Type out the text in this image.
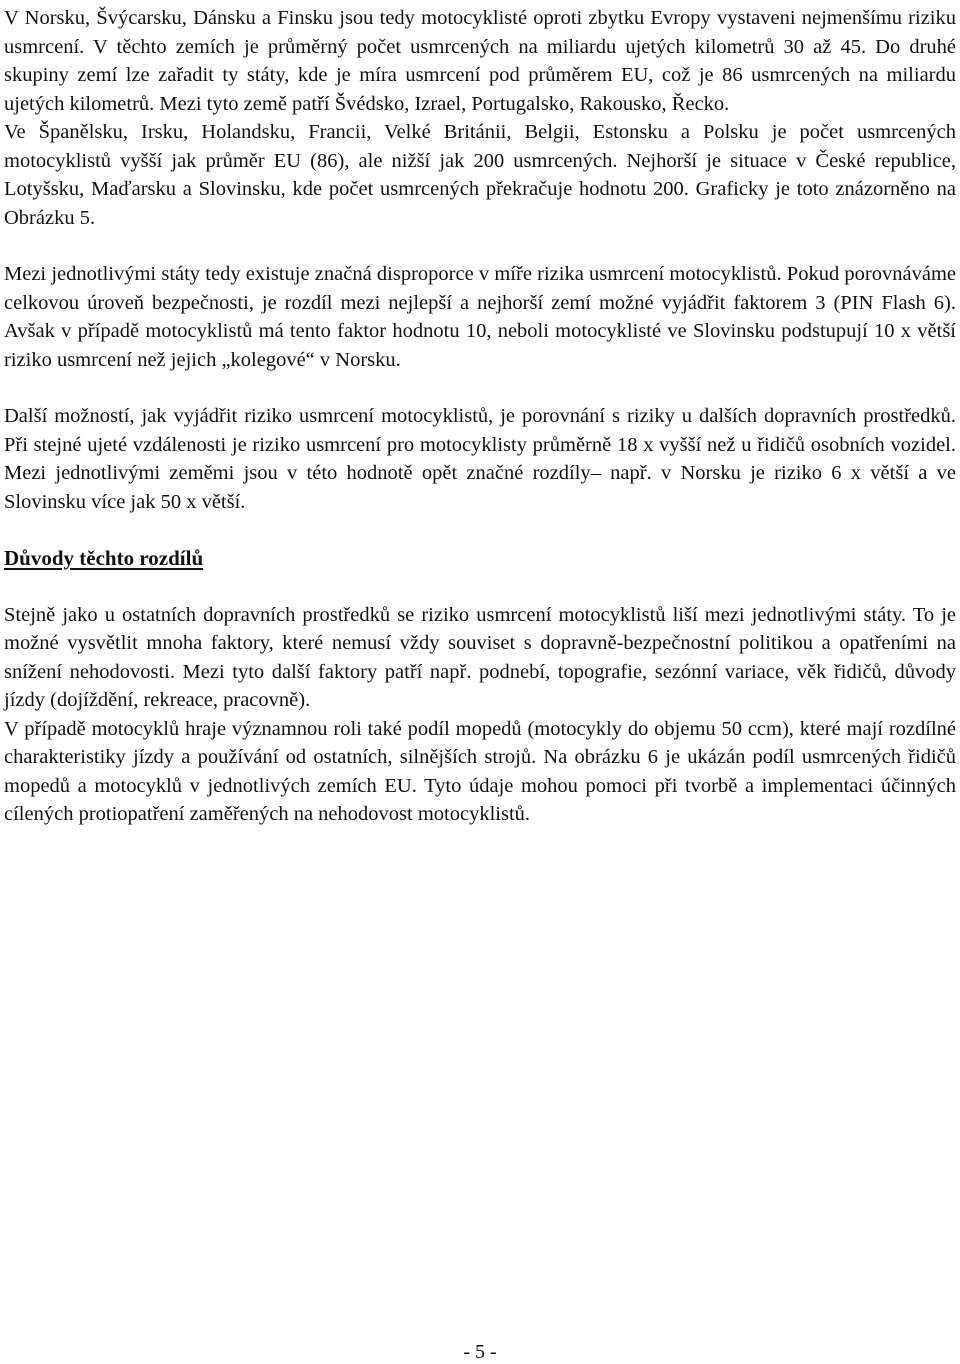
V Norsku, Švýcarsku, Dánsku a Finsku jsou tedy motocyklisté oproti zbytku Evropy vystaveni nejmenšímu riziku usmrcení. V těchto zemích je průměrný počet usmrcených na miliardu ujetých kilometrů 30 až 45. Do druhé skupiny zemí lze zařadit ty státy, kde je míra usmrcení pod průměrem EU, což je 86 usmrcených na miliardu ujetých kilometrů. Mezi tyto země patří Švédsko, Izrael, Portugalsko, Rakousko, Řecko.

Ve Španělsku, Irsku, Holandsku, Francii, Velké Británii, Belgii, Estonsku a Polsku je počet usmrcených motocyklistů vyšší jak průměr EU (86), ale nižší jak 200 usmrcených. Nejhorší je situace v České republice, Lotyšsku, Maďarsku a Slovinsku, kde počet usmrcených překračuje hodnotu 200. Graficky je toto znázorněno na Obrázku 5.

Mezi jednotlivými státy tedy existuje značná disproporce v míře rizika usmrcení motocyklistů. Pokud porovnáváme celkovou úroveň bezpečnosti, je rozdíl mezi nejlepší a nejhorší zemí možné vyjádřit faktorem 3 (PIN Flash 6). Avšak v případě motocyklistů má tento faktor hodnotu 10, neboli motocyklisté ve Slovinsku podstupují 10 x větší riziko usmrcení než jejich „kolegové“ v Norsku.

Další možností, jak vyjádřit riziko usmrcení motocyklistů, je porovnání s riziky u dalších dopravních prostředků. Při stejné ujeté vzdálenosti je riziko usmrcení pro motocyklisty průměrně 18 x vyšší než u řidičů osobních vozidel. Mezi jednotlivými zeměmi jsou v této hodnotě opět značné rozdíly– např. v Norsku je riziko 6 x větší a ve Slovinsku více jak 50 x větší.

Důvody těchto rozdílů

Stejně jako u ostatních dopravních prostředků se riziko usmrcení motocyklistů liší mezi jednotlivými státy. To je možné vysvětlit mnoha faktory, které nemusí vždy souviset s dopravně-bezpečnostní politikou a opatřeními na snížení nehodovosti. Mezi tyto další faktory patří např. podnebí, topografie, sezónní variace, věk řidičů, důvody jízdy (dojíždění, rekreace, pracovně).

V případě motocyklů hraje významnou roli také podíl mopedů (motocykly do objemu 50 ccm), které mají rozdílné charakteristiky jízdy a používání od ostatních, silnějších strojů. Na obrázku 6 je ukázán podíl usmrcených řidičů mopedů a motocyklů v jednotlivých zemích EU. Tyto údaje mohou pomoci při tvorbě a implementaci účinných cílených protiopatření zaměřených na nehodovost motocyklistů.

- 5 -
